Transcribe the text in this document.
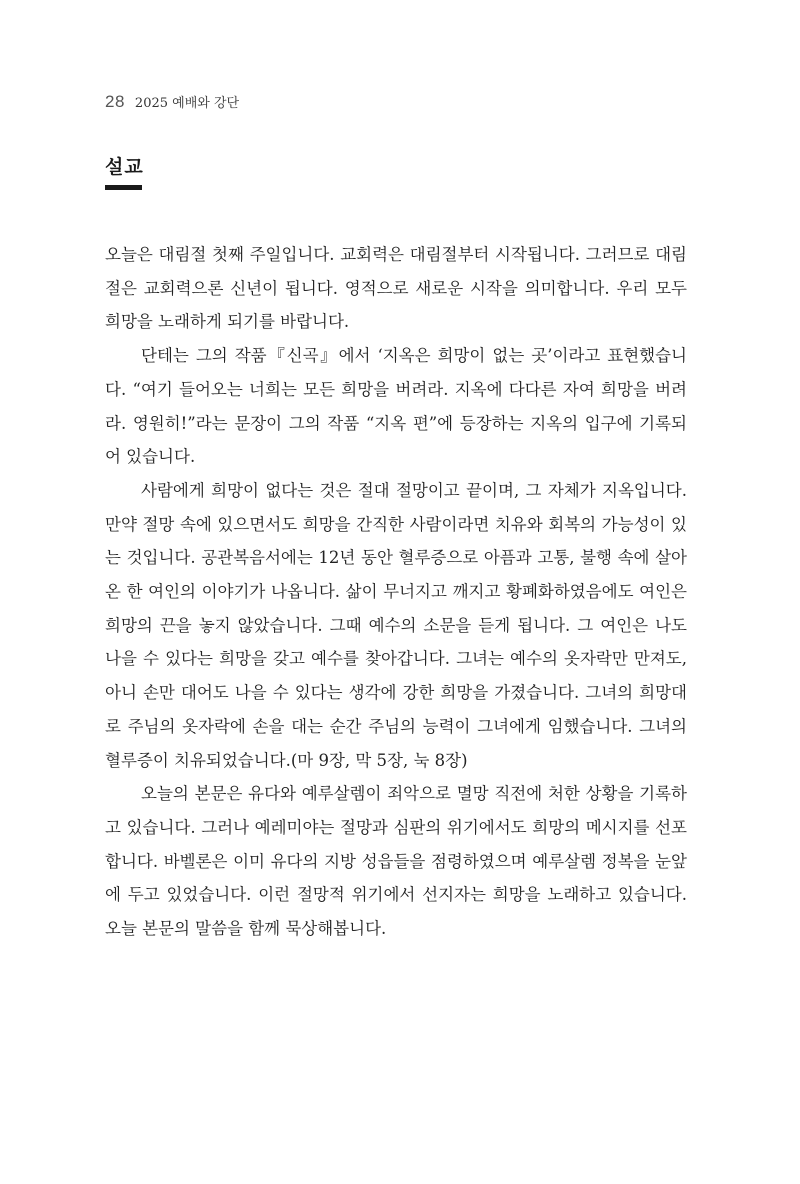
28 2025 예배와 강단
설교

오늘은 대림절 첫째 주일입니다. 교회력은 대림절부터 시작됩니다. 그러므로 대림절은 교회력으론 신년이 됩니다. 영적으로 새로운 시작을 의미합니다. 우리 모두 희망을 노래하게 되기를 바랍니다.

단테는 그의 작품『신곡』에서 ‘지옥은 희망이 없는 곳’이라고 표현했습니다. “여기 들어오는 너희는 모든 희망을 버려라. 지옥에 다다른 자여 희망을 버려라. 영원히!”라는 문장이 그의 작품 “지옥 편”에 등장하는 지옥의 입구에 기록되어 있습니다.

사람에게 희망이 없다는 것은 절대 절망이고 끝이며, 그 자체가 지옥입니다. 만약 절망 속에 있으면서도 희망을 간직한 사람이라면 치유와 회복의 가능성이 있는 것입니다. 공관복음서에는 12년 동안 혈루증으로 아픔과 고통, 불행 속에 살아온 한 여인의 이야기가 나옵니다. 삶이 무너지고 깨지고 황폐화하였음에도 여인은 희망의 끈을 놓지 않았습니다. 그때 예수의 소문을 듣게 됩니다. 그 여인은 나도 나을 수 있다는 희망을 갖고 예수를 찾아갑니다. 그녀는 예수의 옷자락만 만져도, 아니 손만 대어도 나을 수 있다는 생각에 강한 희망을 가졌습니다. 그녀의 희망대로 주님의 옷자락에 손을 대는 순간 주님의 능력이 그녀에게 임했습니다. 그녀의 혈루증이 치유되었습니다.(마 9장, 막 5장, 눅 8장)

오늘의 본문은 유다와 예루살렘이 죄악으로 멸망 직전에 처한 상황을 기록하고 있습니다. 그러나 예레미야는 절망과 심판의 위기에서도 희망의 메시지를 선포합니다. 바벨론은 이미 유다의 지방 성읍들을 점령하였으며 예루살렘 정복을 눈앞에 두고 있었습니다. 이런 절망적 위기에서 선지자는 희망을 노래하고 있습니다. 오늘 본문의 말씀을 함께 묵상해봅니다.
